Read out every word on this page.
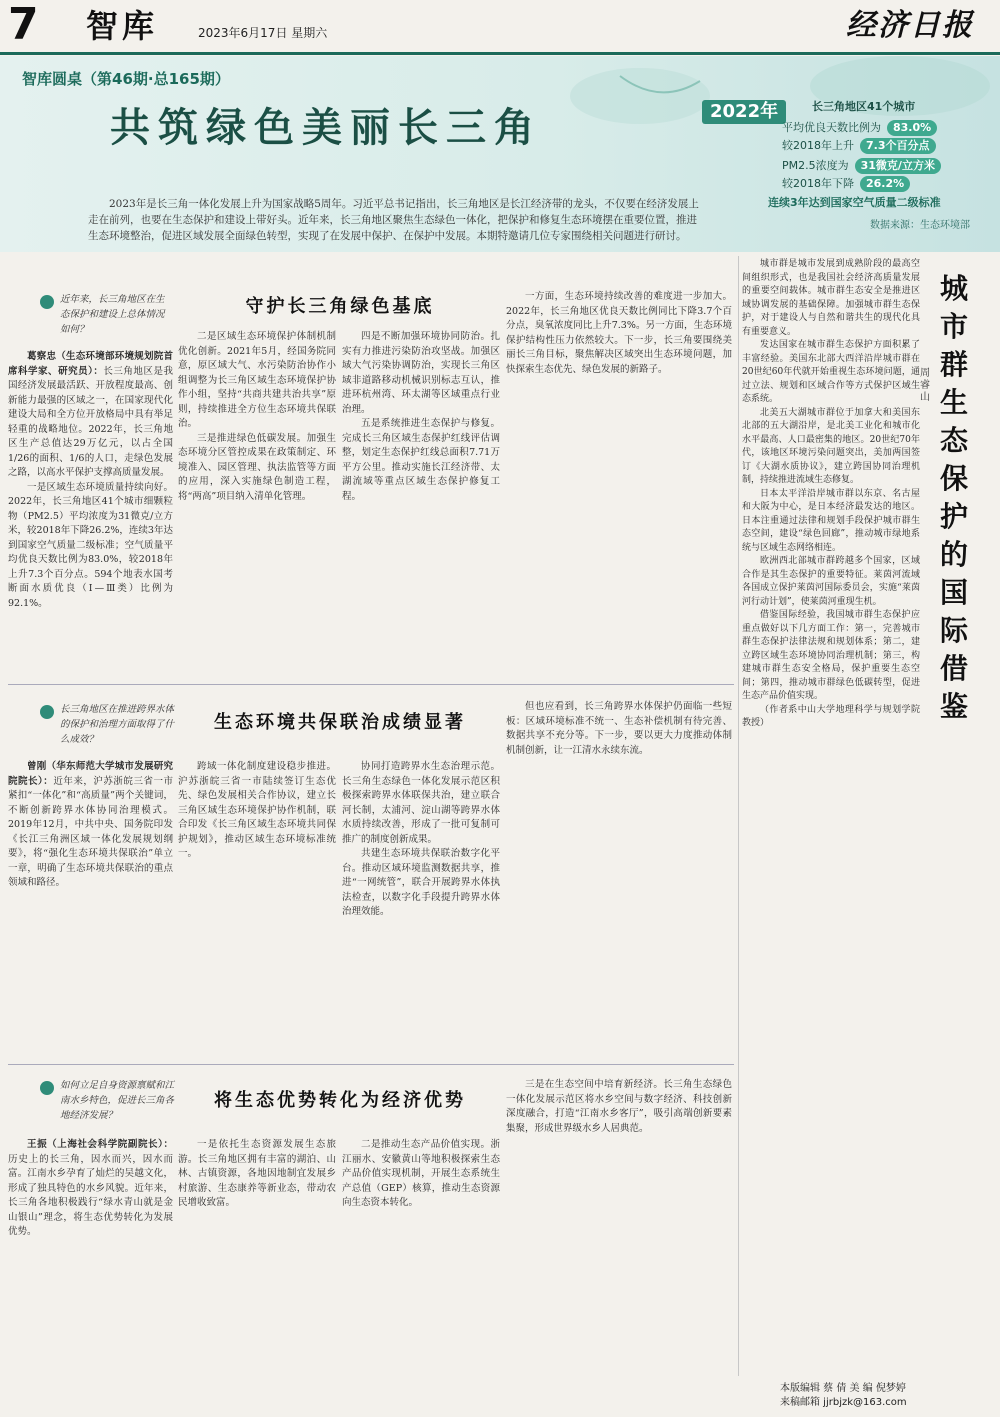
7 智库	2023年6月17日 星期六	经济日报
智库圆桌（第46期·总165期）
共筑绿色美丽长三角
2023年是长三角一体化发展上升为国家战略5周年。习近平总书记指出，长三角地区是长江经济带的龙头，不仅要在经济发展上走在前列，也要在生态保护和建设上带好头。近年来，长三角地区聚焦生态绿色一体化，把保护和修复生态环境摆在重要位置，推进生态环境整治，促进区域发展全面绿色转型，实现了在发展中保护、在保护中发展。本期特邀请几位专家围绕相关问题进行研讨。
2022年	长三角地区41个城市
平均优良天数比例为 83.0%
较2018年上升 7.3个百分点
PM2.5浓度为 31微克/立方米
较2018年下降 26.2%
连续3年达到国家空气质量二级标准
数据来源：生态环境部
近年来，长三角地区在生态保护和建设上总体情况如何？
守护长三角绿色基底

葛察忠（生态环境部环境规划院首席科学家、研究员）：长三角地区是我国经济发展最活跃、开放程度最高、创新能力最强的区域之一，在国家现代化建设大局和全方位开放格局中具有举足轻重的战略地位。2022年，长三角地区生产总值达29万亿元，以占全国1/26的面积、1/6的人口，走绿色发展之路，以高水平保护支撑高质量发展。

一是区域生态环境质量持续向好。2022年，长三角地区41个城市细颗粒物（PM2.5）平均浓度为31微克/立方米，较2018年下降26.2%，连续3年达到国家空气质量二级标准；空气质量平均优良天数比例为83.0%，较2018年上升7.3个百分点。594个地表水国考断面水质优良（Ⅰ—Ⅲ类）比例为92.1%。

二是区域生态环境保护体制机制优化创新。2021年5月，经国务院同意，原区域大气、水污染防治协作小组调整为长三角区域生态环境保护协作小组，坚持“共商共建共治共享”原则，持续推进全方位生态环境共保联治。

三是推进绿色低碳发展。加强生态环境分区管控成果在政策制定、环境准入、园区管理、执法监管等方面的应用，深入实施绿色制造工程，将“两高”项目纳入清单化管理。

四是不断加强环境协同防治。扎实有力推进污染防治攻坚战。加强区域大气污染协调防治，实现长三角区域非道路移动机械识别标志互认，推进环杭州湾、环太湖等区域重点行业治理。

五是系统推进生态保护与修复。完成长三角区域生态保护红线评估调整，划定生态保护红线总面积7.71万平方公里。推动实施长江经济带、太湖流域等重点区域生态保护修复工程。

一方面，生态环境持续改善的难度进一步加大。2022年，长三角地区优良天数比例同比下降3.7个百分点，臭氧浓度同比上升7.3%。另一方面，生态环境保护结构性压力依然较大。下一步，长三角要围绕美丽长三角目标，聚焦解决区域突出生态环境问题，加快探索生态优先、绿色发展的新路子。

长三角地区在推进跨界水体的保护和治理方面取得了什么成效？
生态环境共保联治成绩显著

曾刚（华东师范大学城市发展研究院院长）：近年来，沪苏浙皖三省一市紧扣“一体化”和“高质量”两个关键词，不断创新跨界水体协同治理模式。2019年12月，中共中央、国务院印发《长江三角洲区域一体化发展规划纲要》，将“强化生态环境共保联治”单立一章，明确了生态环境共保联治的重点领域和路径。

跨域一体化制度建设稳步推进。沪苏浙皖三省一市陆续签订生态优先、绿色发展相关合作协议，建立长三角区域生态环境保护协作机制，联合印发《长三角区域生态环境共同保护规划》，推动区域生态环境标准统一。

协同打造跨界水生态治理示范。长三角生态绿色一体化发展示范区积极探索跨界水体联保共治，建立联合河长制，太浦河、淀山湖等跨界水体水质持续改善，形成了一批可复制可推广的制度创新成果。

共建生态环境共保联治数字化平台。推动区域环境监测数据共享，推进“一网统管”，联合开展跨界水体执法检查，以数字化手段提升跨界水体治理效能。

但也应看到，长三角跨界水体保护仍面临一些短板：区域环境标准不统一、生态补偿机制有待完善、数据共享不充分等。下一步，要以更大力度推动体制机制创新，让一江清水永续东流。

如何立足自身资源禀赋和江南水乡特色，促进长三角各地经济发展？
将生态优势转化为经济优势

王振（上海社会科学院副院长）：历史上的长三角，因水而兴，因水而富。江南水乡孕育了灿烂的吴越文化，形成了独具特色的水乡风貌。近年来，长三角各地积极践行“绿水青山就是金山银山”理念，将生态优势转化为发展优势。

一是依托生态资源发展生态旅游。长三角地区拥有丰富的湖泊、山林、古镇资源，各地因地制宜发展乡村旅游、生态康养等新业态，带动农民增收致富。

二是推动生态产品价值实现。浙江丽水、安徽黄山等地积极探索生态产品价值实现机制，开展生态系统生产总值（GEP）核算，推动生态资源向生态资本转化。

三是在生态空间中培育新经济。长三角生态绿色一体化发展示范区将水乡空间与数字经济、科技创新深度融合，打造“江南水乡客厅”，吸引高端创新要素集聚，形成世界级水乡人居典范。

城市群生态保护的国际借鉴
周睿山

城市群是城市发展到成熟阶段的最高空间组织形式，也是我国社会经济高质量发展的重要空间载体。城市群生态安全是推进区域协调发展的基础保障。加强城市群生态保护，对于建设人与自然和谐共生的现代化具有重要意义。

发达国家在城市群生态保护方面积累了丰富经验。美国东北部大西洋沿岸城市群在20世纪60年代就开始重视生态环境问题，通过立法、规划和区域合作等方式保护区域生态系统。

北美五大湖城市群位于加拿大和美国东北部的五大湖沿岸，是北美工业化和城市化水平最高、人口最密集的地区。20世纪70年代，该地区环境污染问题突出，美加两国签订《大湖水质协议》，建立跨国协同治理机制，持续推进流域生态修复。

日本太平洋沿岸城市群以东京、名古屋和大阪为中心，是日本经济最发达的地区。日本注重通过法律和规划手段保护城市群生态空间，建设“绿色回廊”，推动城市绿地系统与区域生态网络相连。

欧洲西北部城市群跨越多个国家，区域合作是其生态保护的重要特征。莱茵河流域各国成立保护莱茵河国际委员会，实施“莱茵河行动计划”，使莱茵河重现生机。

借鉴国际经验，我国城市群生态保护应重点做好以下几方面工作：第一，完善城市群生态保护法律法规和规划体系；第二，建立跨区域生态环境协同治理机制；第三，构建城市群生态安全格局，保护重要生态空间；第四，推动城市群绿色低碳转型，促进生态产品价值实现。

（作者系中山大学地理科学与规划学院教授）

本版编辑 蔡 倩 美 编 倪梦婷
来稿邮箱 jjrbjzk@163.com
